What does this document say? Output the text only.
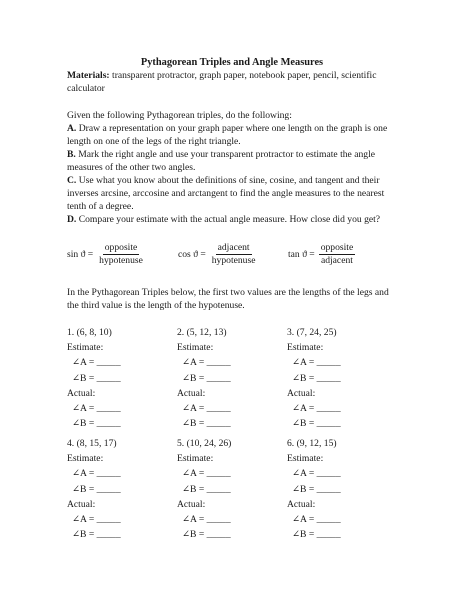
Pythagorean Triples and Angle Measures
Materials: transparent protractor, graph paper, notebook paper, pencil, scientific calculator

Given the following Pythagorean triples, do the following:

A. Draw a representation on your graph paper where one length on the graph is one length on one of the legs of the right triangle.

B. Mark the right angle and use your transparent protractor to estimate the angle measures of the other two angles.

C. Use what you know about the definitions of sine, cosine, and tangent and their inverses arcsine, arccosine and arctangent to find the angle measures to the nearest tenth of a degree.

D. Compare your estimate with the actual angle measure. How close did you get?

$\sin ϑ = \frac{\text{opposite}}{\text{hypotenuse}}$	$\cos ϑ = \frac{\text{adjacent}}{\text{hypotenuse}}$	$\tan ϑ = \frac{\text{opposite}}{\text{adjacent}}$
In the Pythagorean Triples below, the first two values are the lengths of the legs and the third value is the length of the hypotenuse.
1. (6, 8, 10)
Estimate:
∠A = _____
∠B = _____
Actual:
∠A = _____
∠B = _____
2. (5, 12, 13)
Estimate:
∠A = _____
∠B = _____
Actual:
∠A = _____
∠B = _____
3. (7, 24, 25)
Estimate:
∠A = _____
∠B = _____
Actual:
∠A = _____
∠B = _____
4. (8, 15, 17)
Estimate:
∠A = _____
∠B = _____
Actual:
∠A = _____
∠B = _____
5. (10, 24, 26)
Estimate:
∠A = _____
∠B = _____
Actual:
∠A = _____
∠B = _____
6. (9, 12, 15)
Estimate:
∠A = _____
∠B = _____
Actual:
∠A = _____
∠B = _____
